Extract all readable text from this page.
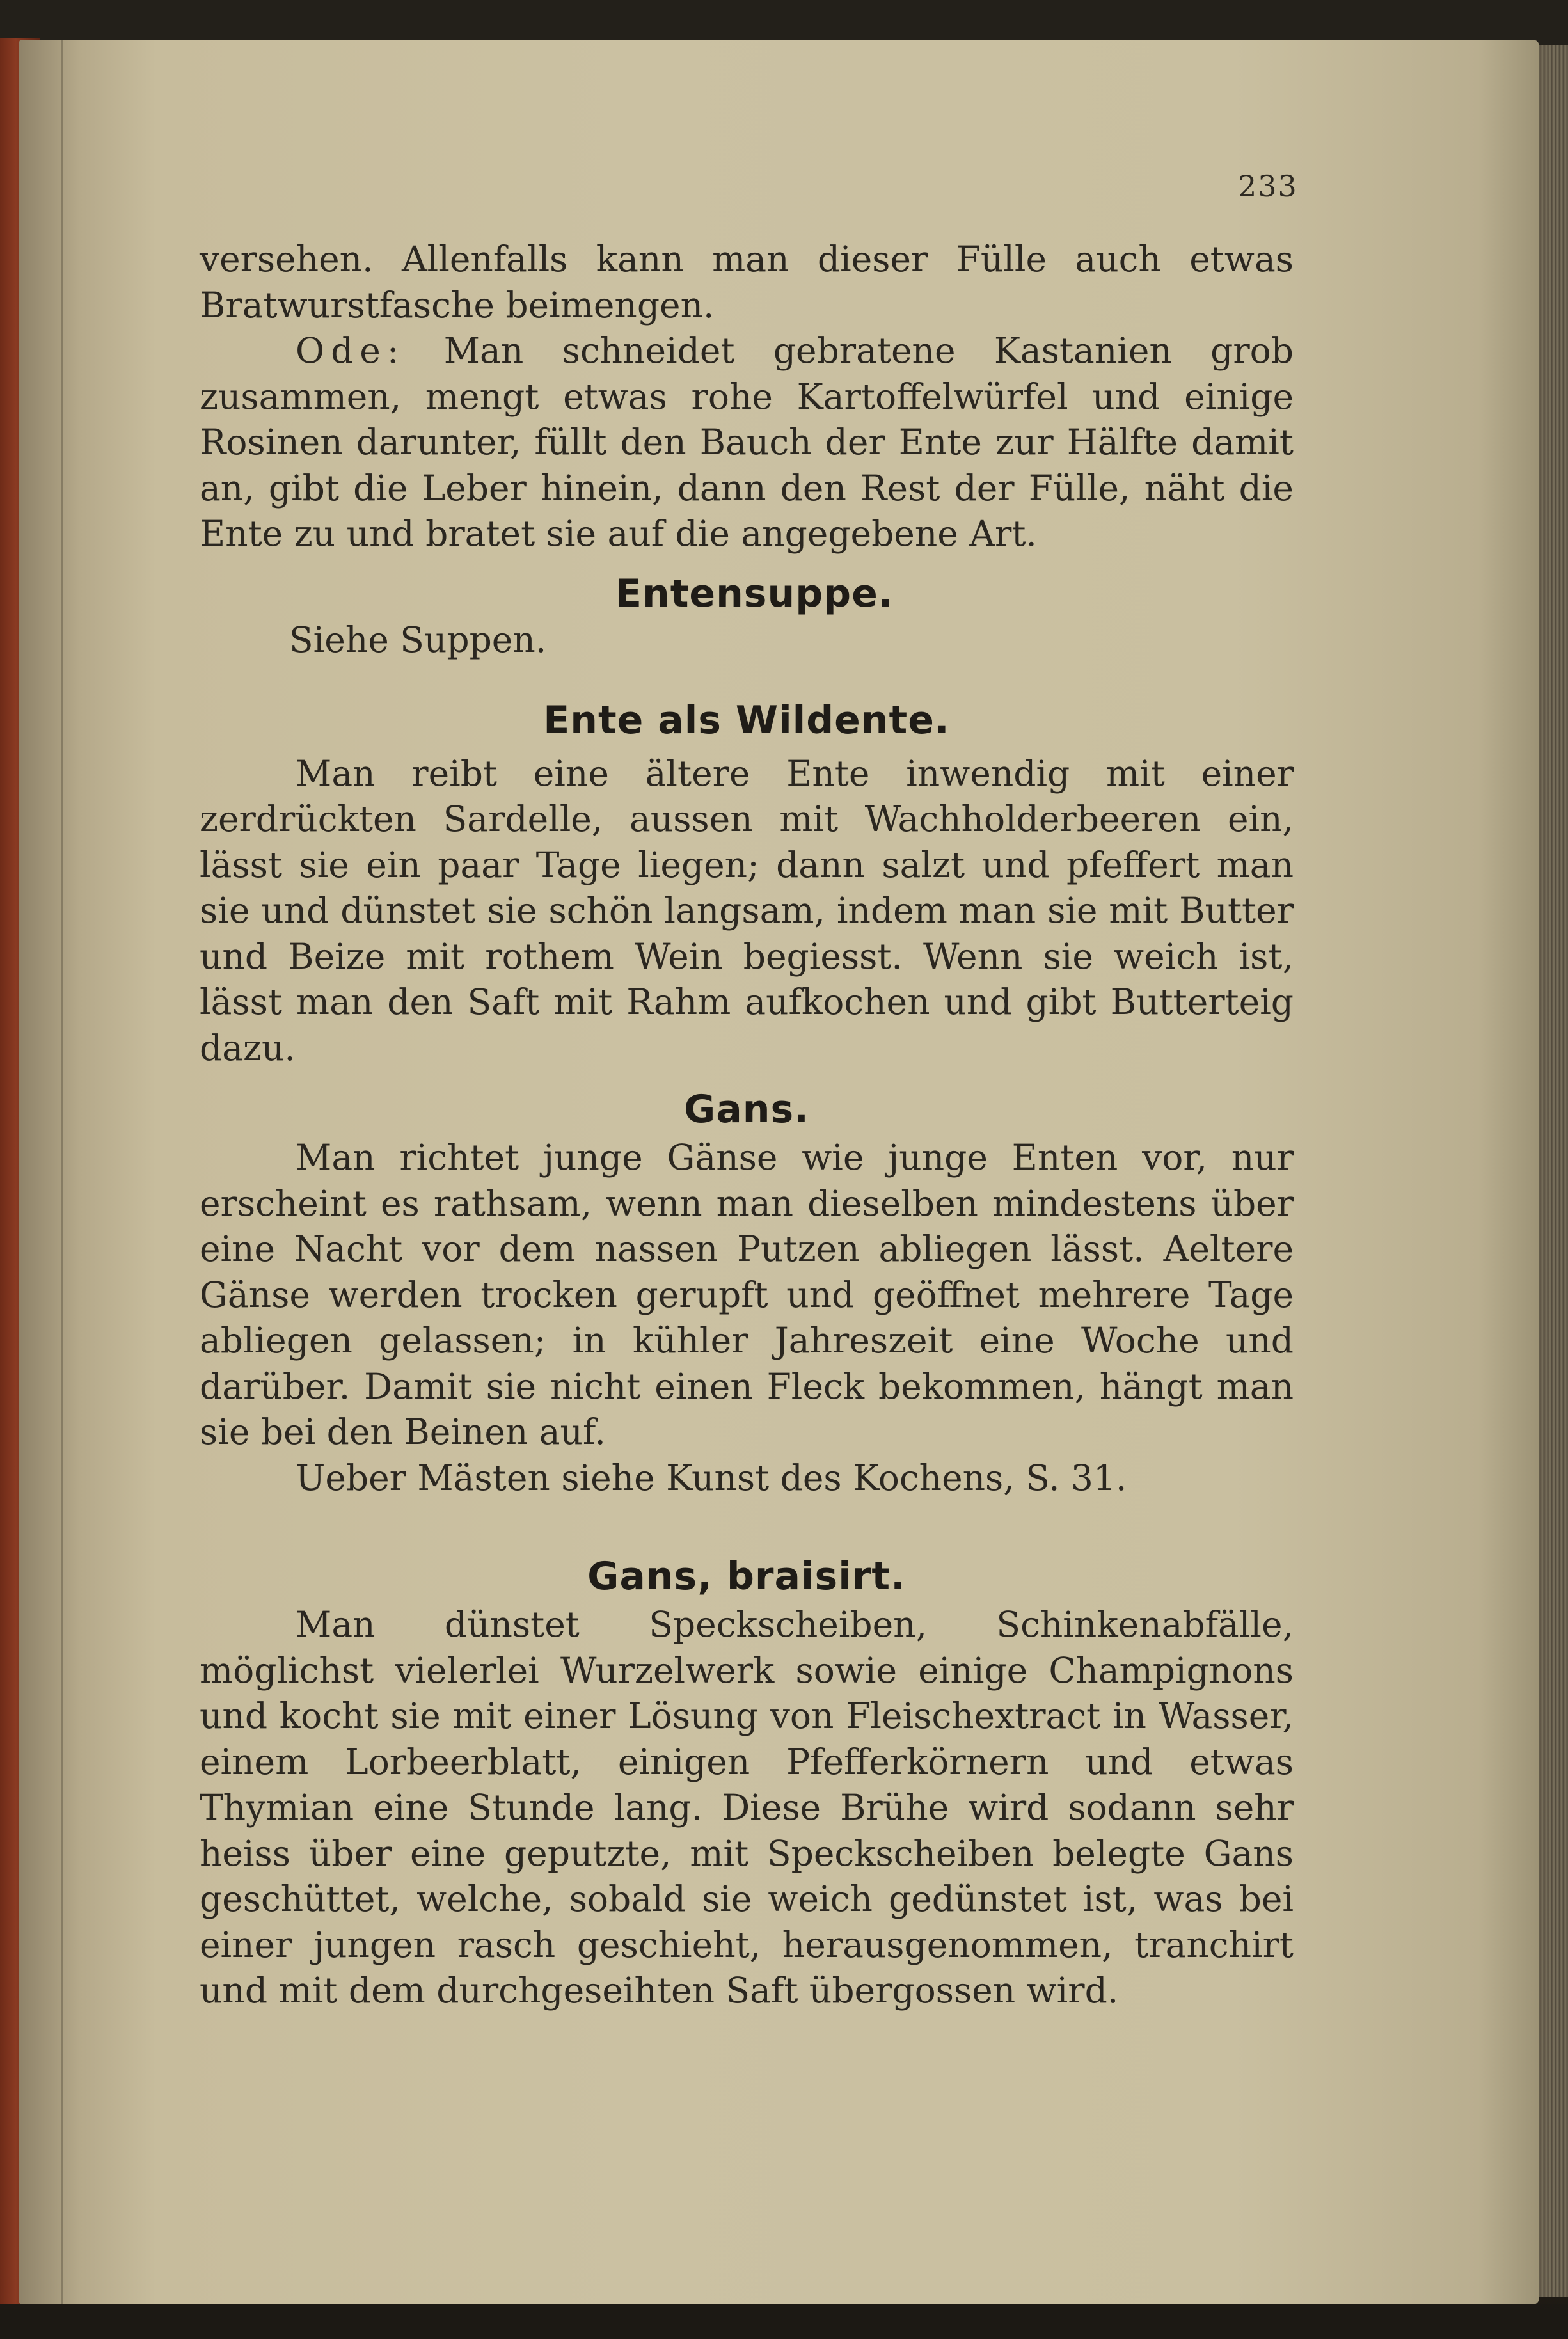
233

versehen. Allenfalls kann man dieser Fülle auch etwas Bratwurstfasche beimengen.

Ode: Man schneidet gebratene Kastanien grob zusammen, mengt etwas rohe Kartoffelwürfel und einige Rosinen darunter, füllt den Bauch der Ente zur Hälfte damit an, gibt die Leber hinein, dann den Rest der Fülle, näht die Ente zu und bratet sie auf die angegebene Art.

Entensuppe.

Siehe Suppen.

Ente als Wildente.

Man reibt eine ältere Ente inwendig mit einer zerdrückten Sardelle, aussen mit Wachholderbeeren ein, lässt sie ein paar Tage liegen; dann salzt und pfeffert man sie und dünstet sie schön langsam, indem man sie mit Butter und Beize mit rothem Wein begiesst. Wenn sie weich ist, lässt man den Saft mit Rahm aufkochen und gibt Butterteig dazu.

Gans.

Man richtet junge Gänse wie junge Enten vor, nur erscheint es rathsam, wenn man dieselben mindestens über eine Nacht vor dem nassen Putzen abliegen lässt. Aeltere Gänse werden trocken gerupft und geöffnet mehrere Tage abliegen gelassen; in kühler Jahreszeit eine Woche und darüber. Damit sie nicht einen Fleck bekommen, hängt man sie bei den Beinen auf.

Ueber Mästen siehe Kunst des Kochens, S. 31.

Gans, braisirt.

Man dünstet Speckscheiben, Schinkenabfälle, möglichst vielerlei Wurzelwerk sowie einige Champignons und kocht sie mit einer Lösung von Fleischextract in Wasser, einem Lorbeerblatt, einigen Pfefferkörnern und etwas Thymian eine Stunde lang. Diese Brühe wird sodann sehr heiss über eine geputzte, mit Speckscheiben belegte Gans geschüttet, welche, sobald sie weich gedünstet ist, was bei einer jungen rasch geschieht, herausgenommen, tranchirt und mit dem durchgeseihten Saft übergossen wird.
